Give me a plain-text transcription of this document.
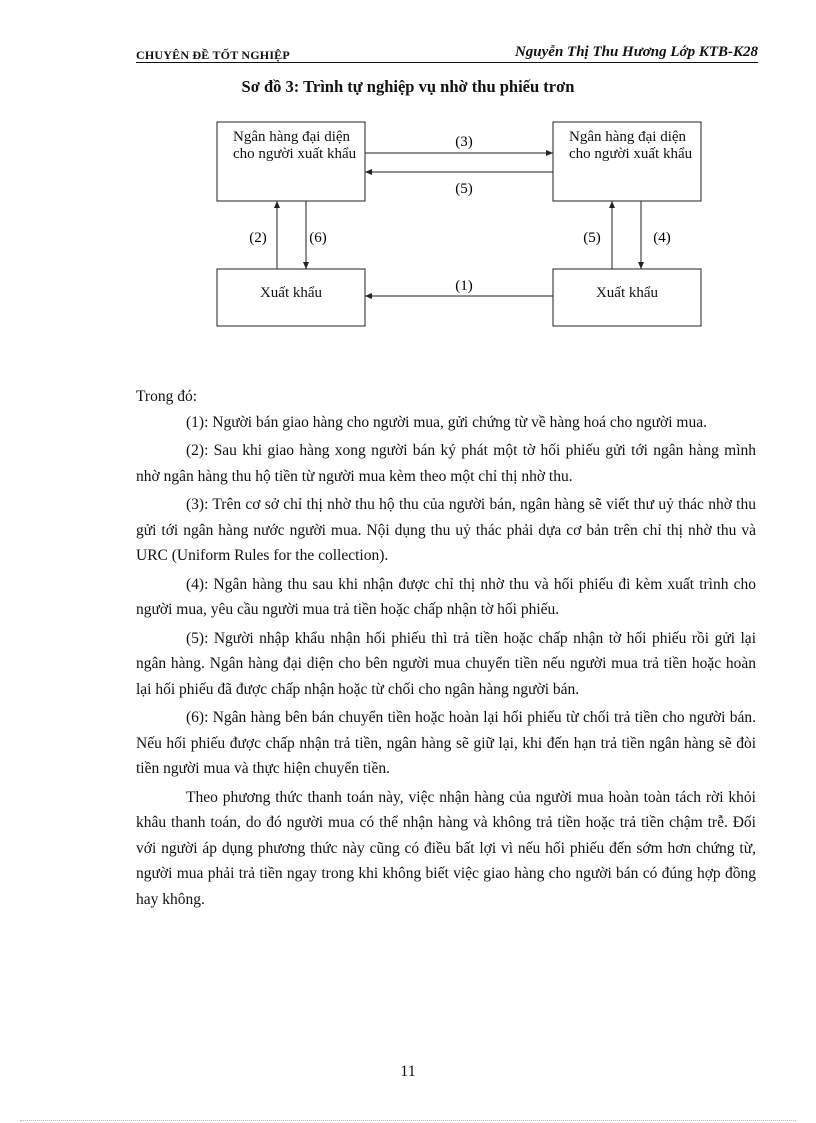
CHUYÊN ĐỀ TỐT NGHIỆP	Nguyễn Thị Thu Hương Lớp KTB-K28
Sơ đồ 3: Trình tự nghiệp vụ nhờ thu phiếu trơn
(3)
(5)
(1)
(2)	(6)	(5)	(4)
Ngân hàng đại diện cho người xuất khẩu
Ngân hàng đại diện cho người xuất khẩu
Xuất khẩu	Xuất khẩu

Trong đó:

(1): Người bán giao hàng cho người mua, gửi chứng từ về hàng hoá cho người mua.

(2): Sau khi giao hàng xong người bán ký phát một tờ hối phiếu gửi tới ngân hàng mình nhờ ngân hàng thu hộ tiền từ người mua kèm theo một chỉ thị nhờ thu.

(3): Trên cơ sở chỉ thị nhờ thu hộ thu của người bán, ngân hàng sẽ viết thư uỷ thác nhờ thu gửi tới ngân hàng nước người mua. Nội dụng thu uỷ thác phải dựa cơ bản trên chỉ thị nhờ thu và URC (Uniform Rules for the collection).

(4): Ngân hàng thu sau khi nhận được chỉ thị nhờ thu và hối phiếu đi kèm xuất trình cho người mua, yêu cầu người mua trả tiền hoặc chấp nhận tờ hối phiếu.

(5): Người nhập khẩu nhận hối phiếu thì trả tiền hoặc chấp nhận tờ hối phiếu rồi gửi lại ngân hàng. Ngân hàng đại diện cho bên người mua chuyển tiền nếu người mua trả tiền hoặc hoàn lại hối phiếu đã được chấp nhận hoặc từ chối cho ngân hàng người bán.

(6): Ngân hàng bên bán chuyển tiền hoặc hoàn lại hối phiếu từ chối trả tiền cho người bán. Nếu hối phiếu được chấp nhận trả tiền, ngân hàng sẽ giữ lại, khi đến hạn trả tiền ngân hàng sẽ đòi tiền người mua và thực hiện chuyển tiền.

Theo phương thức thanh toán này, việc nhận hàng của người mua hoàn toàn tách rời khỏi khâu thanh toán, do đó người mua có thể nhận hàng và không trả tiền hoặc trả tiền chậm trễ. Đối với người áp dụng phương thức này cũng có điều bất lợi vì nếu hối phiếu đến sớm hơn chứng từ, người mua phải trả tiền ngay trong khi không biết việc giao hàng cho người bán có đúng hợp đồng hay không.

11
